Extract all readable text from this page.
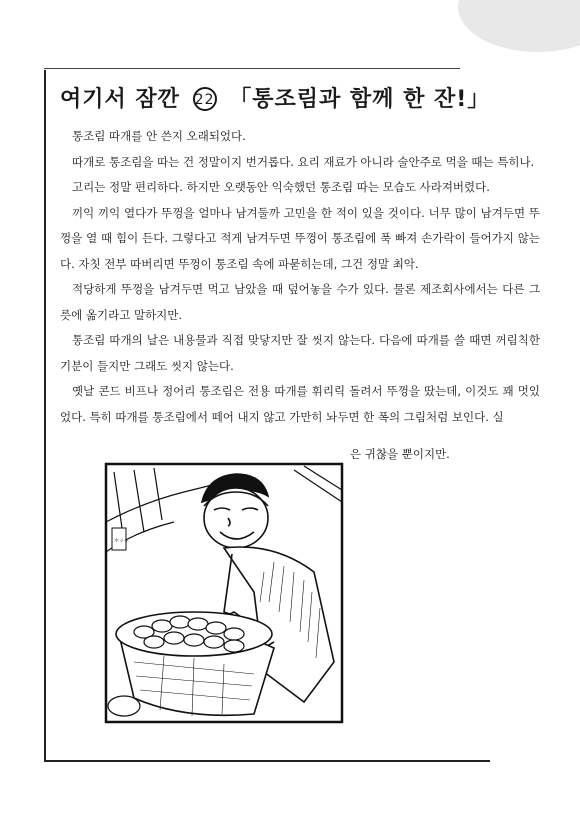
여기서 잠깐 22 「통조림과 함께 한 잔!」

통조림 따개를 안 쓴지 오래되었다.

따개로 통조림을 따는 건 정말이지 번거롭다. 요리 재료가 아니라 술안주로 먹을 때는 특히나.

고리는 정말 편리하다. 하지만 오랫동안 익숙했던 통조림 따는 모습도 사라져버렸다.

끼익 끼익 열다가 뚜껑을 얼마나 남겨둘까 고민을 한 적이 있을 것이다. 너무 많이 남겨두면 뚜껑을 열 때 힘이 든다. 그렇다고 적게 남겨두면 뚜껑이 통조림에 푹 빠져 손가락이 들어가지 않는다. 자칫 전부 따버리면 뚜껑이 통조림 속에 파묻히는데, 그건 정말 최악.

적당하게 뚜껑을 남겨두면 먹고 남았을 때 덮어놓을 수가 있다. 물론 제조회사에서는 다른 그릇에 옮기라고 말하지만.

통조림 따개의 날은 내용물과 직접 맞닿지만 잘 씻지 않는다. 다음에 따개를 쓸 때면 꺼림칙한 기분이 들지만 그래도 씻지 않는다.

옛날 콘드 비프나 정어리 통조림은 전용 따개를 휘리릭 돌려서 뚜껑을 땄는데, 이것도 꽤 멋있었다. 특히 따개를 통조림에서 떼어 내지 않고 가만히 놔두면 한 폭의 그림처럼 보인다. 실

은 귀찮을 뿐이지만.
ホッキ
